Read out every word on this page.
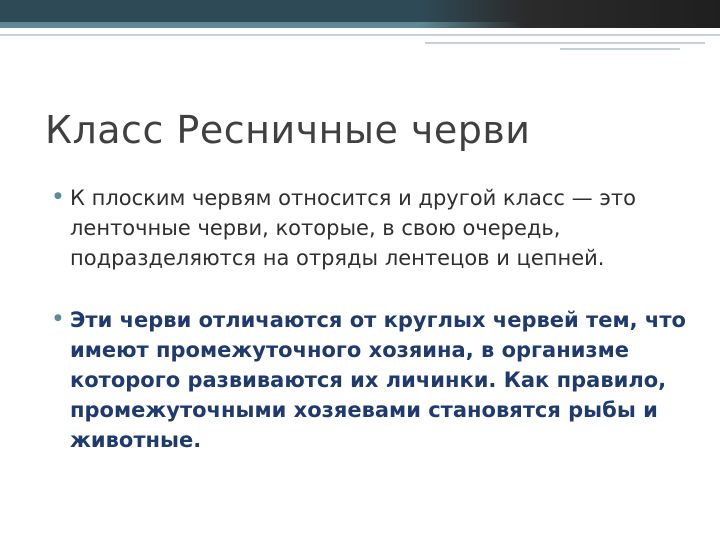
Класс Ресничные черви
● К плоским червям относится и другой класс — это ленточные черви, которые, в свою очередь, подразделяются на отряды лентецов и цепней.
● Эти черви отличаются от круглых червей тем, что имеют промежуточного хозяина, в организме которого развиваются их личинки. Как правило, промежуточными хозяевами становятся рыбы и животные.
